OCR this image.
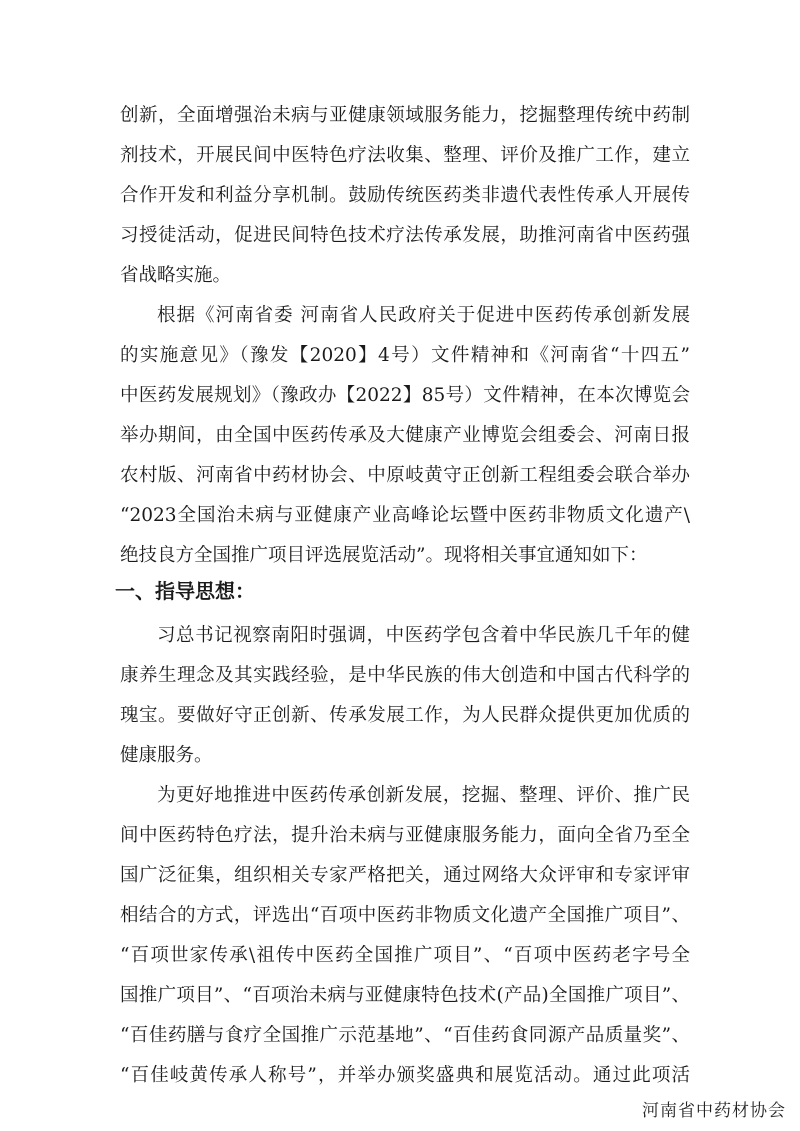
创新，全面增强治未病与亚健康领域服务能力，挖掘整理传统中药制
剂技术，开展民间中医特色疗法收集、整理、评价及推广工作，建立
合作开发和利益分享机制。鼓励传统医药类非遗代表性传承人开展传
习授徒活动，促进民间特色技术疗法传承发展，助推河南省中医药强
省战略实施。
根据《河南省委 河南省人民政府关于促进中医药传承创新发展
的实施意见》（豫发【2020】4号）文件精神和《河南省“十四五”
中医药发展规划》（豫政办【2022】85号）文件精神，在本次博览会
举办期间，由全国中医药传承及大健康产业博览会组委会、河南日报
农村版、河南省中药材协会、中原岐黄守正创新工程组委会联合举办
“2023全国治未病与亚健康产业高峰论坛暨中医药非物质文化遗产\
绝技良方全国推广项目评选展览活动”。现将相关事宜通知如下：
一、指导思想：
习总书记视察南阳时强调，中医药学包含着中华民族几千年的健
康养生理念及其实践经验，是中华民族的伟大创造和中国古代科学的
瑰宝。要做好守正创新、传承发展工作，为人民群众提供更加优质的
健康服务。
为更好地推进中医药传承创新发展，挖掘、整理、评价、推广民
间中医药特色疗法，提升治未病与亚健康服务能力，面向全省乃至全
国广泛征集，组织相关专家严格把关，通过网络大众评审和专家评审
相结合的方式，评选出“百项中医药非物质文化遗产全国推广项目”、
“百项世家传承\祖传中医药全国推广项目”、“百项中医药老字号全
国推广项目”、“百项治未病与亚健康特色技术(产品)全国推广项目”、
“百佳药膳与食疗全国推广示范基地”、“百佳药食同源产品质量奖”、
“百佳岐黄传承人称号”，并举办颁奖盛典和展览活动。通过此项活
河南省中药材协会
